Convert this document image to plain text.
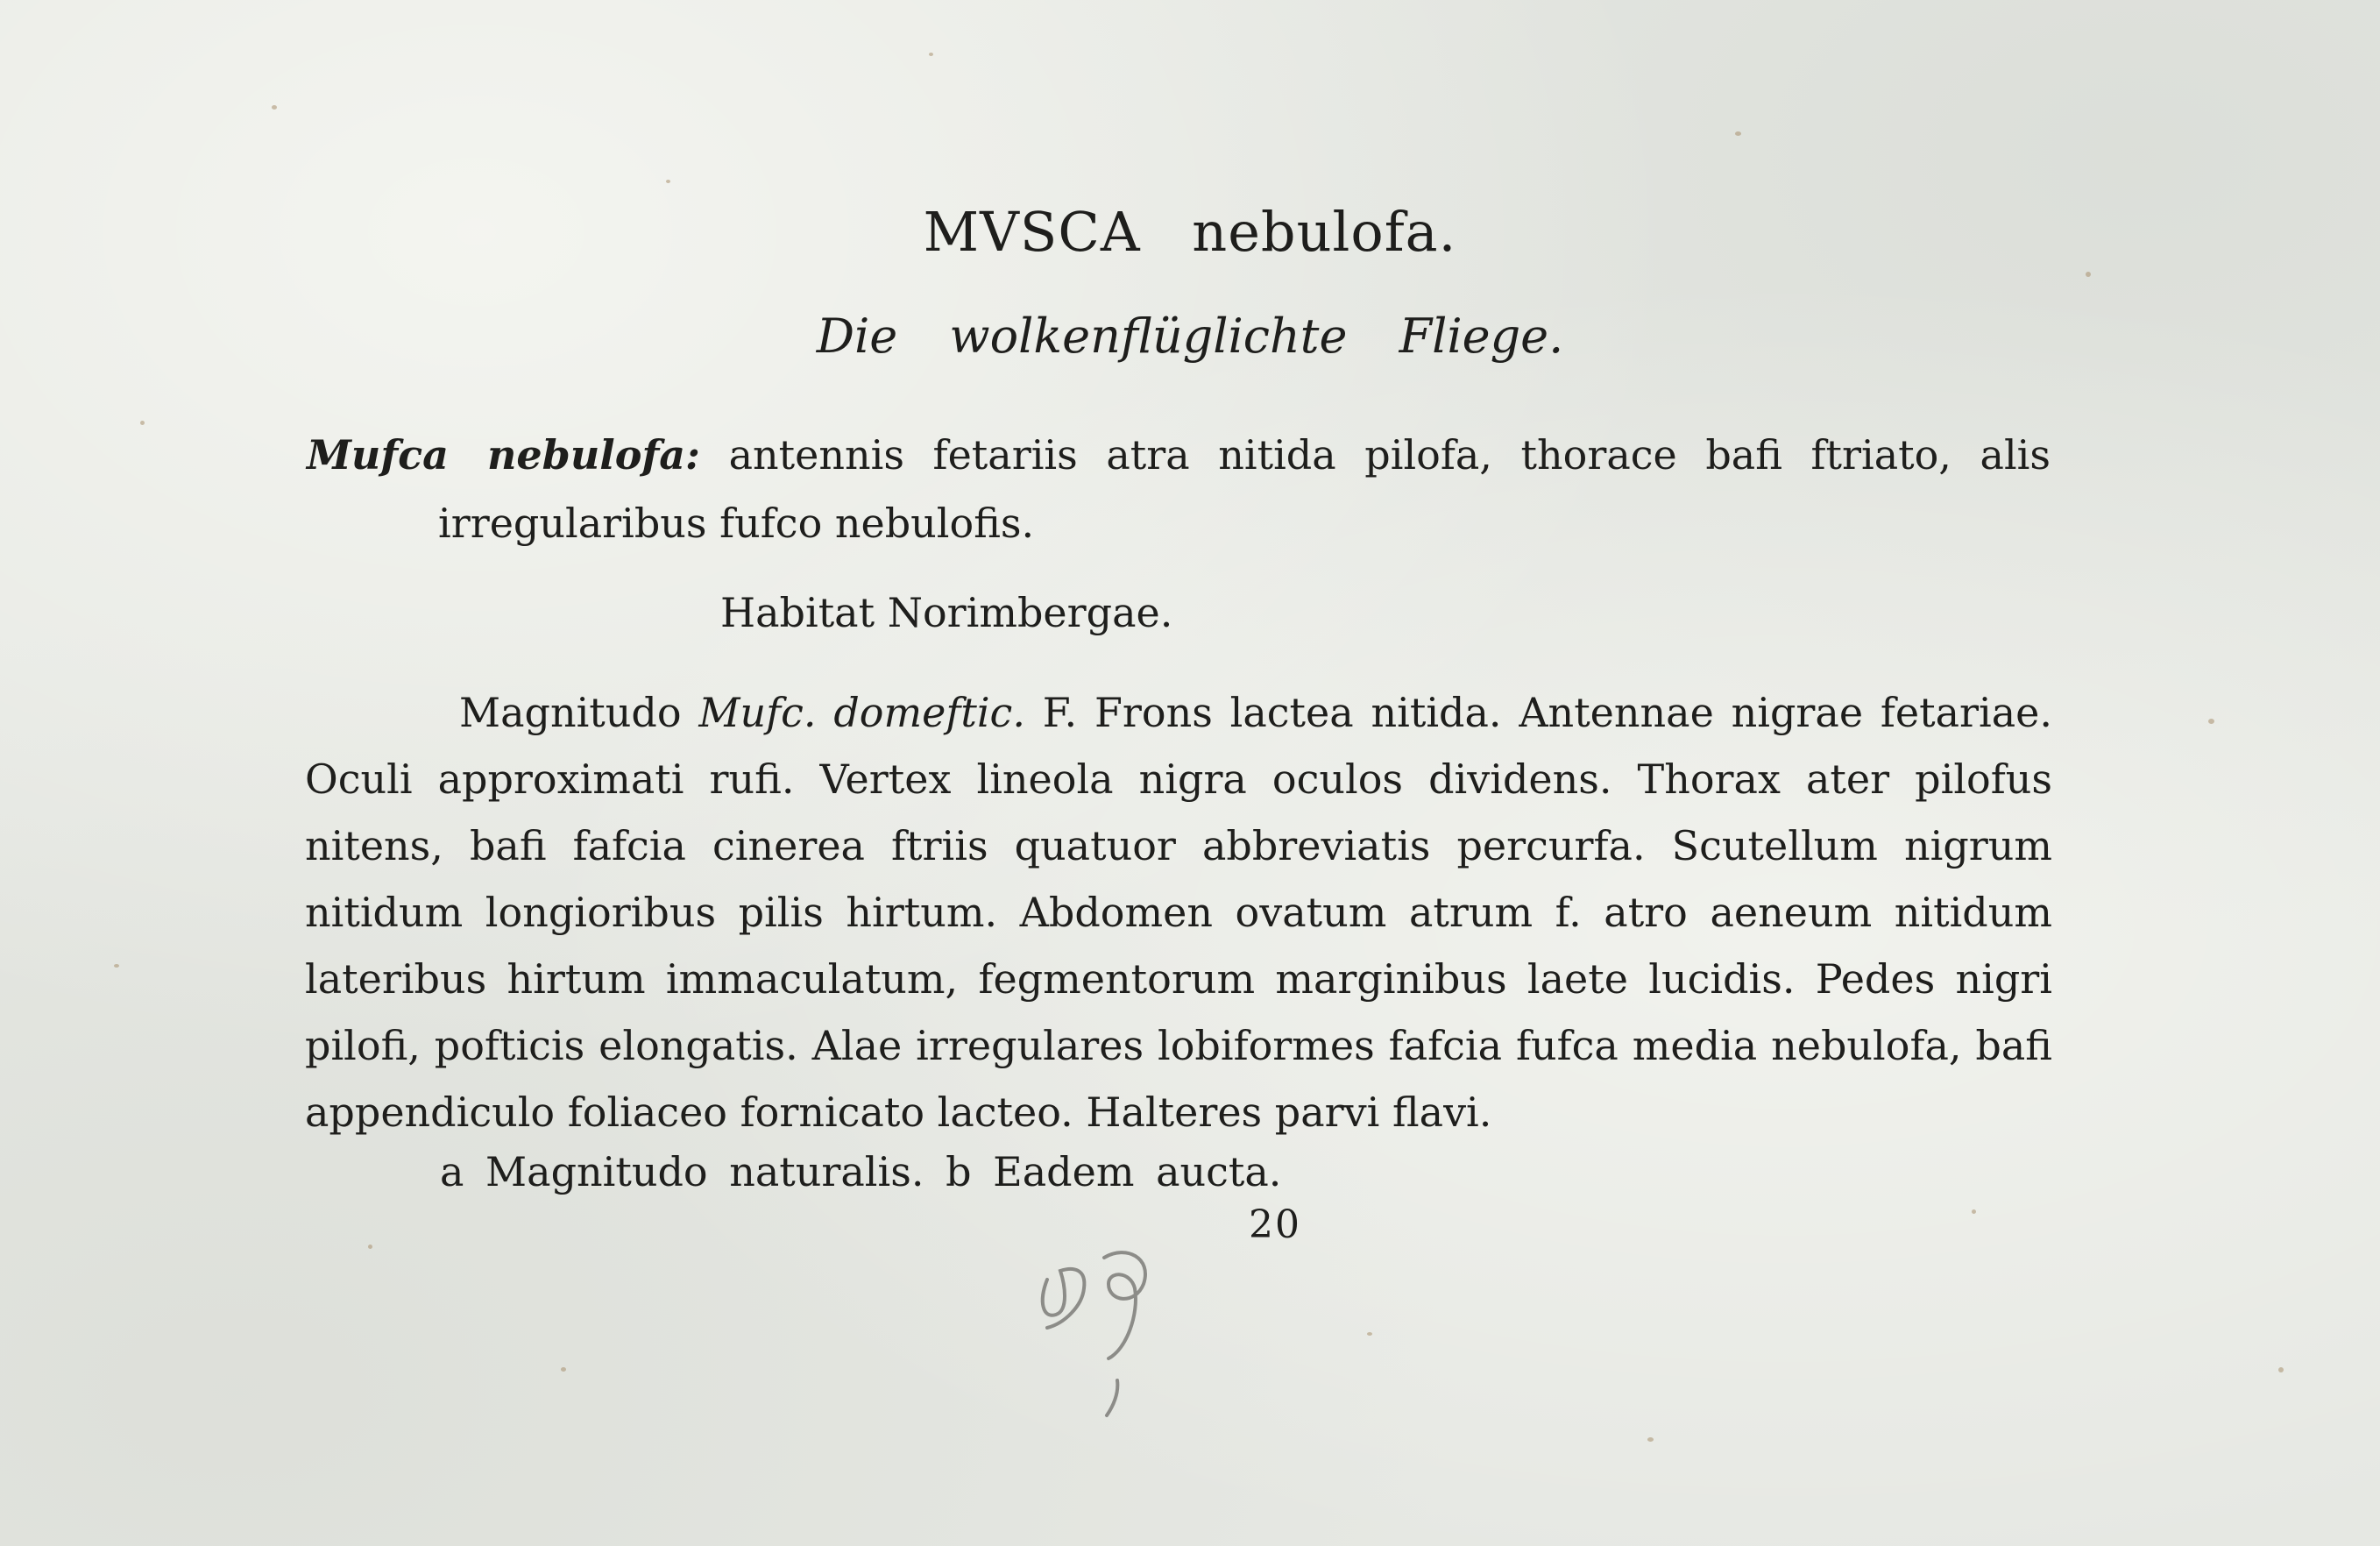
MVSCA nebulofa.
Die wolkenflüglichte Fliege.
Mufca nebulofa: antennis fetariis atra nitida pilofa, thorace bafi ftriato, alis irregularibus fufco nebulofis.
Habitat Norimbergae.
Magnitudo Mufc. domeftic. F. Frons lactea nitida. Antennae nigrae fetariae. Oculi approximati rufi. Vertex lineola nigra oculos dividens. Thorax ater pilofus nitens, bafi fafcia cinerea ftriis quatuor abbreviatis percurfa. Scutellum nigrum nitidum longioribus pilis hirtum. Abdomen ovatum atrum f. atro aeneum nitidum lateribus hirtum immaculatum, fegmentorum marginibus laete lucidis. Pedes nigri pilofi, pofticis elongatis. Alae irregulares lobiformes fafcia fufca media nebulofa, bafi appendiculo foliaceo fornicato lacteo. Halteres parvi flavi.
a Magnitudo naturalis. b Eadem aucta.
20
